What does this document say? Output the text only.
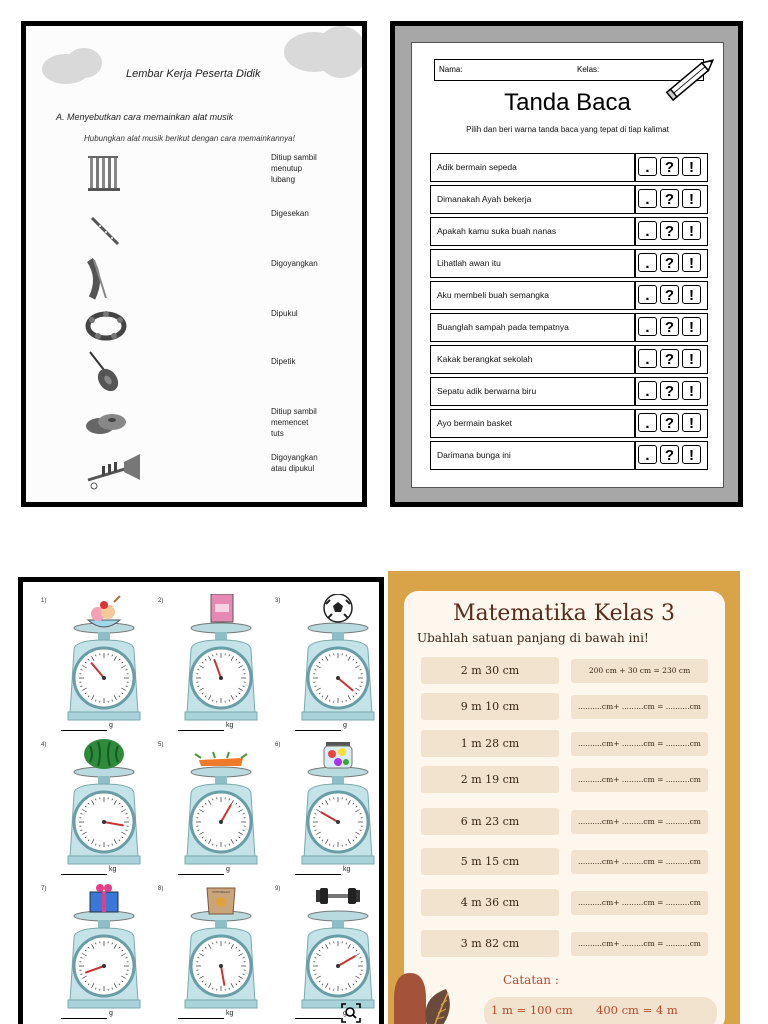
Lembar Kerja Peserta Didik
A. Menyebutkan cara memainkan alat musik
Hubungkan alat musik berikut dengan cara memainkannya!
Ditiup sambil
menutup
lubang
Digesekan
Digoyangkan
Dipukul
Dipetik
Ditiup sambil
memencet
tuts
Digoyangkan
atau dipukul
Nama:	Kelas:
Tanda Baca
Pilih dan beri warna tanda baca yang tepat di tiap kalimat
Adik bermain sepeda	.	? !
Dimanakah Ayah bekerja	.	? !
Apakah kamu suka buah nanas	.	? !
Lihatlah awan itu	.	? !
Aku membeli buah semangka	.	? !
Buanglah sampah pada tempatnya	.	? !
Kakak berangkat sekolah	.	? !
Sepatu adik berwarna biru	.	? !
Ayo bermain basket	.	? !
Darimana bunga ini	.	? !
1)
g
2)
kg
3)
g
4)
kg
5)
g
6)
kg
7)
g
8)	POTONGAN
kg
9)
g
Matematika Kelas 3
Ubahlah satuan panjang di bawah ini!
2 m 30 cm	200 cm + 30 cm = 230 cm
9 m 10 cm	..........cm+ .........cm = ..........cm
1 m 28 cm	..........cm+ .........cm = ..........cm
2 m 19 cm	..........cm+ .........cm = ..........cm
6 m 23 cm	..........cm+ .........cm = ..........cm
5 m 15 cm	..........cm+ .........cm = ..........cm
4 m 36 cm	..........cm+ .........cm = ..........cm
3 m 82 cm	..........cm+ .........cm = ..........cm
Catatan :
1 m = 100 cm 400 cm = 4 m
